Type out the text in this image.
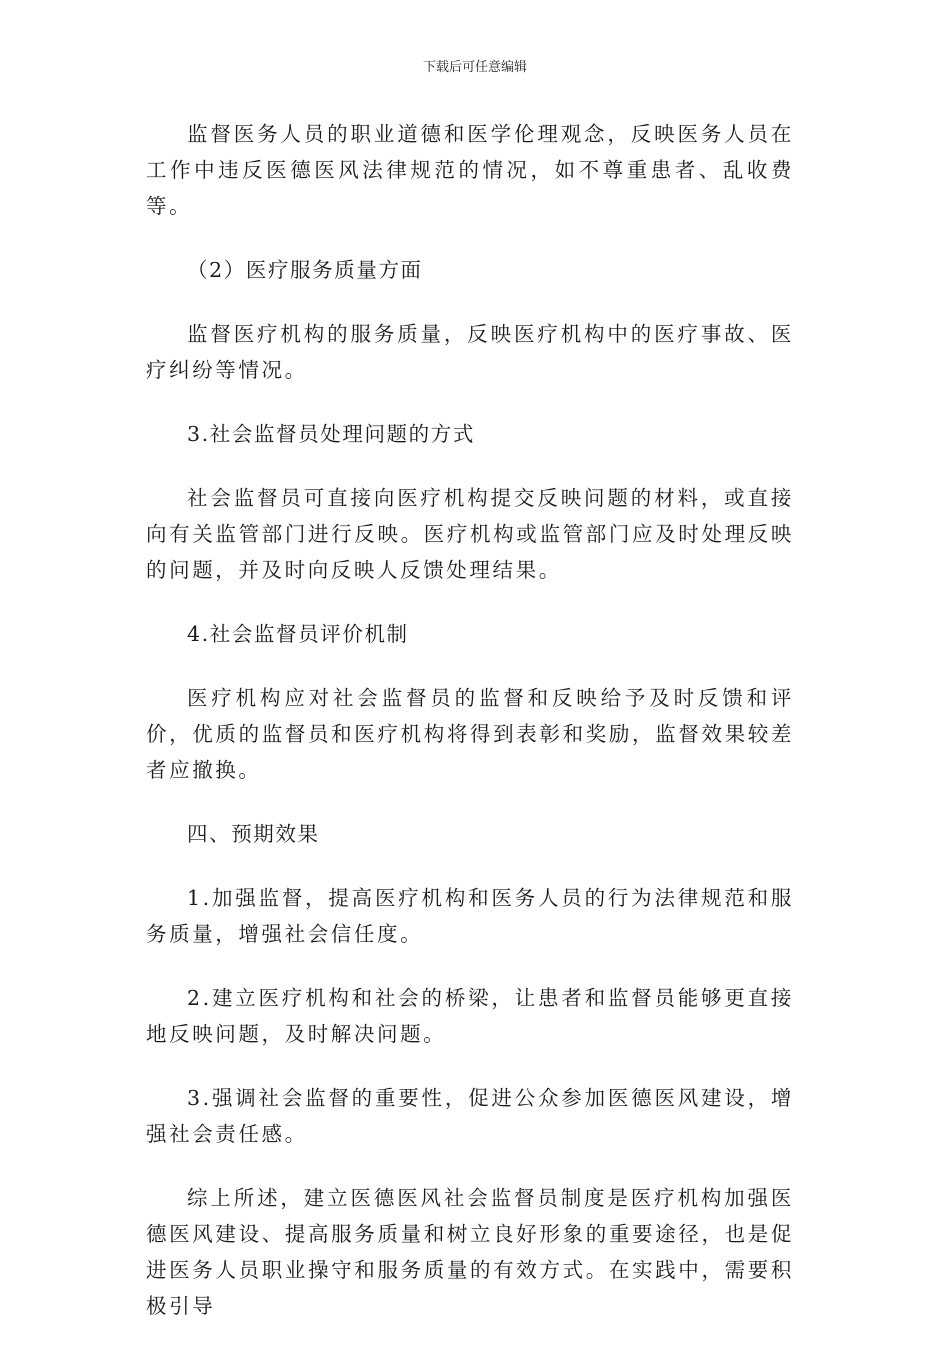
下载后可任意编辑

监督医务人员的职业道德和医学伦理观念，反映医务人员在工作中违反医德医风法律规范的情况，如不尊重患者、乱收费等。

（2）医疗服务质量方面

监督医疗机构的服务质量，反映医疗机构中的医疗事故、医疗纠纷等情况。

3.社会监督员处理问题的方式

社会监督员可直接向医疗机构提交反映问题的材料，或直接向有关监管部门进行反映。医疗机构或监管部门应及时处理反映的问题，并及时向反映人反馈处理结果。

4.社会监督员评价机制

医疗机构应对社会监督员的监督和反映给予及时反馈和评价，优质的监督员和医疗机构将得到表彰和奖励，监督效果较差者应撤换。

四、预期效果

1.加强监督，提高医疗机构和医务人员的行为法律规范和服务质量，增强社会信任度。

2.建立医疗机构和社会的桥梁，让患者和监督员能够更直接地反映问题，及时解决问题。

3.强调社会监督的重要性，促进公众参加医德医风建设，增强社会责任感。

综上所述，建立医德医风社会监督员制度是医疗机构加强医德医风建设、提高服务质量和树立良好形象的重要途径，也是促进医务人员职业操守和服务质量的有效方式。在实践中，需要积极引导
